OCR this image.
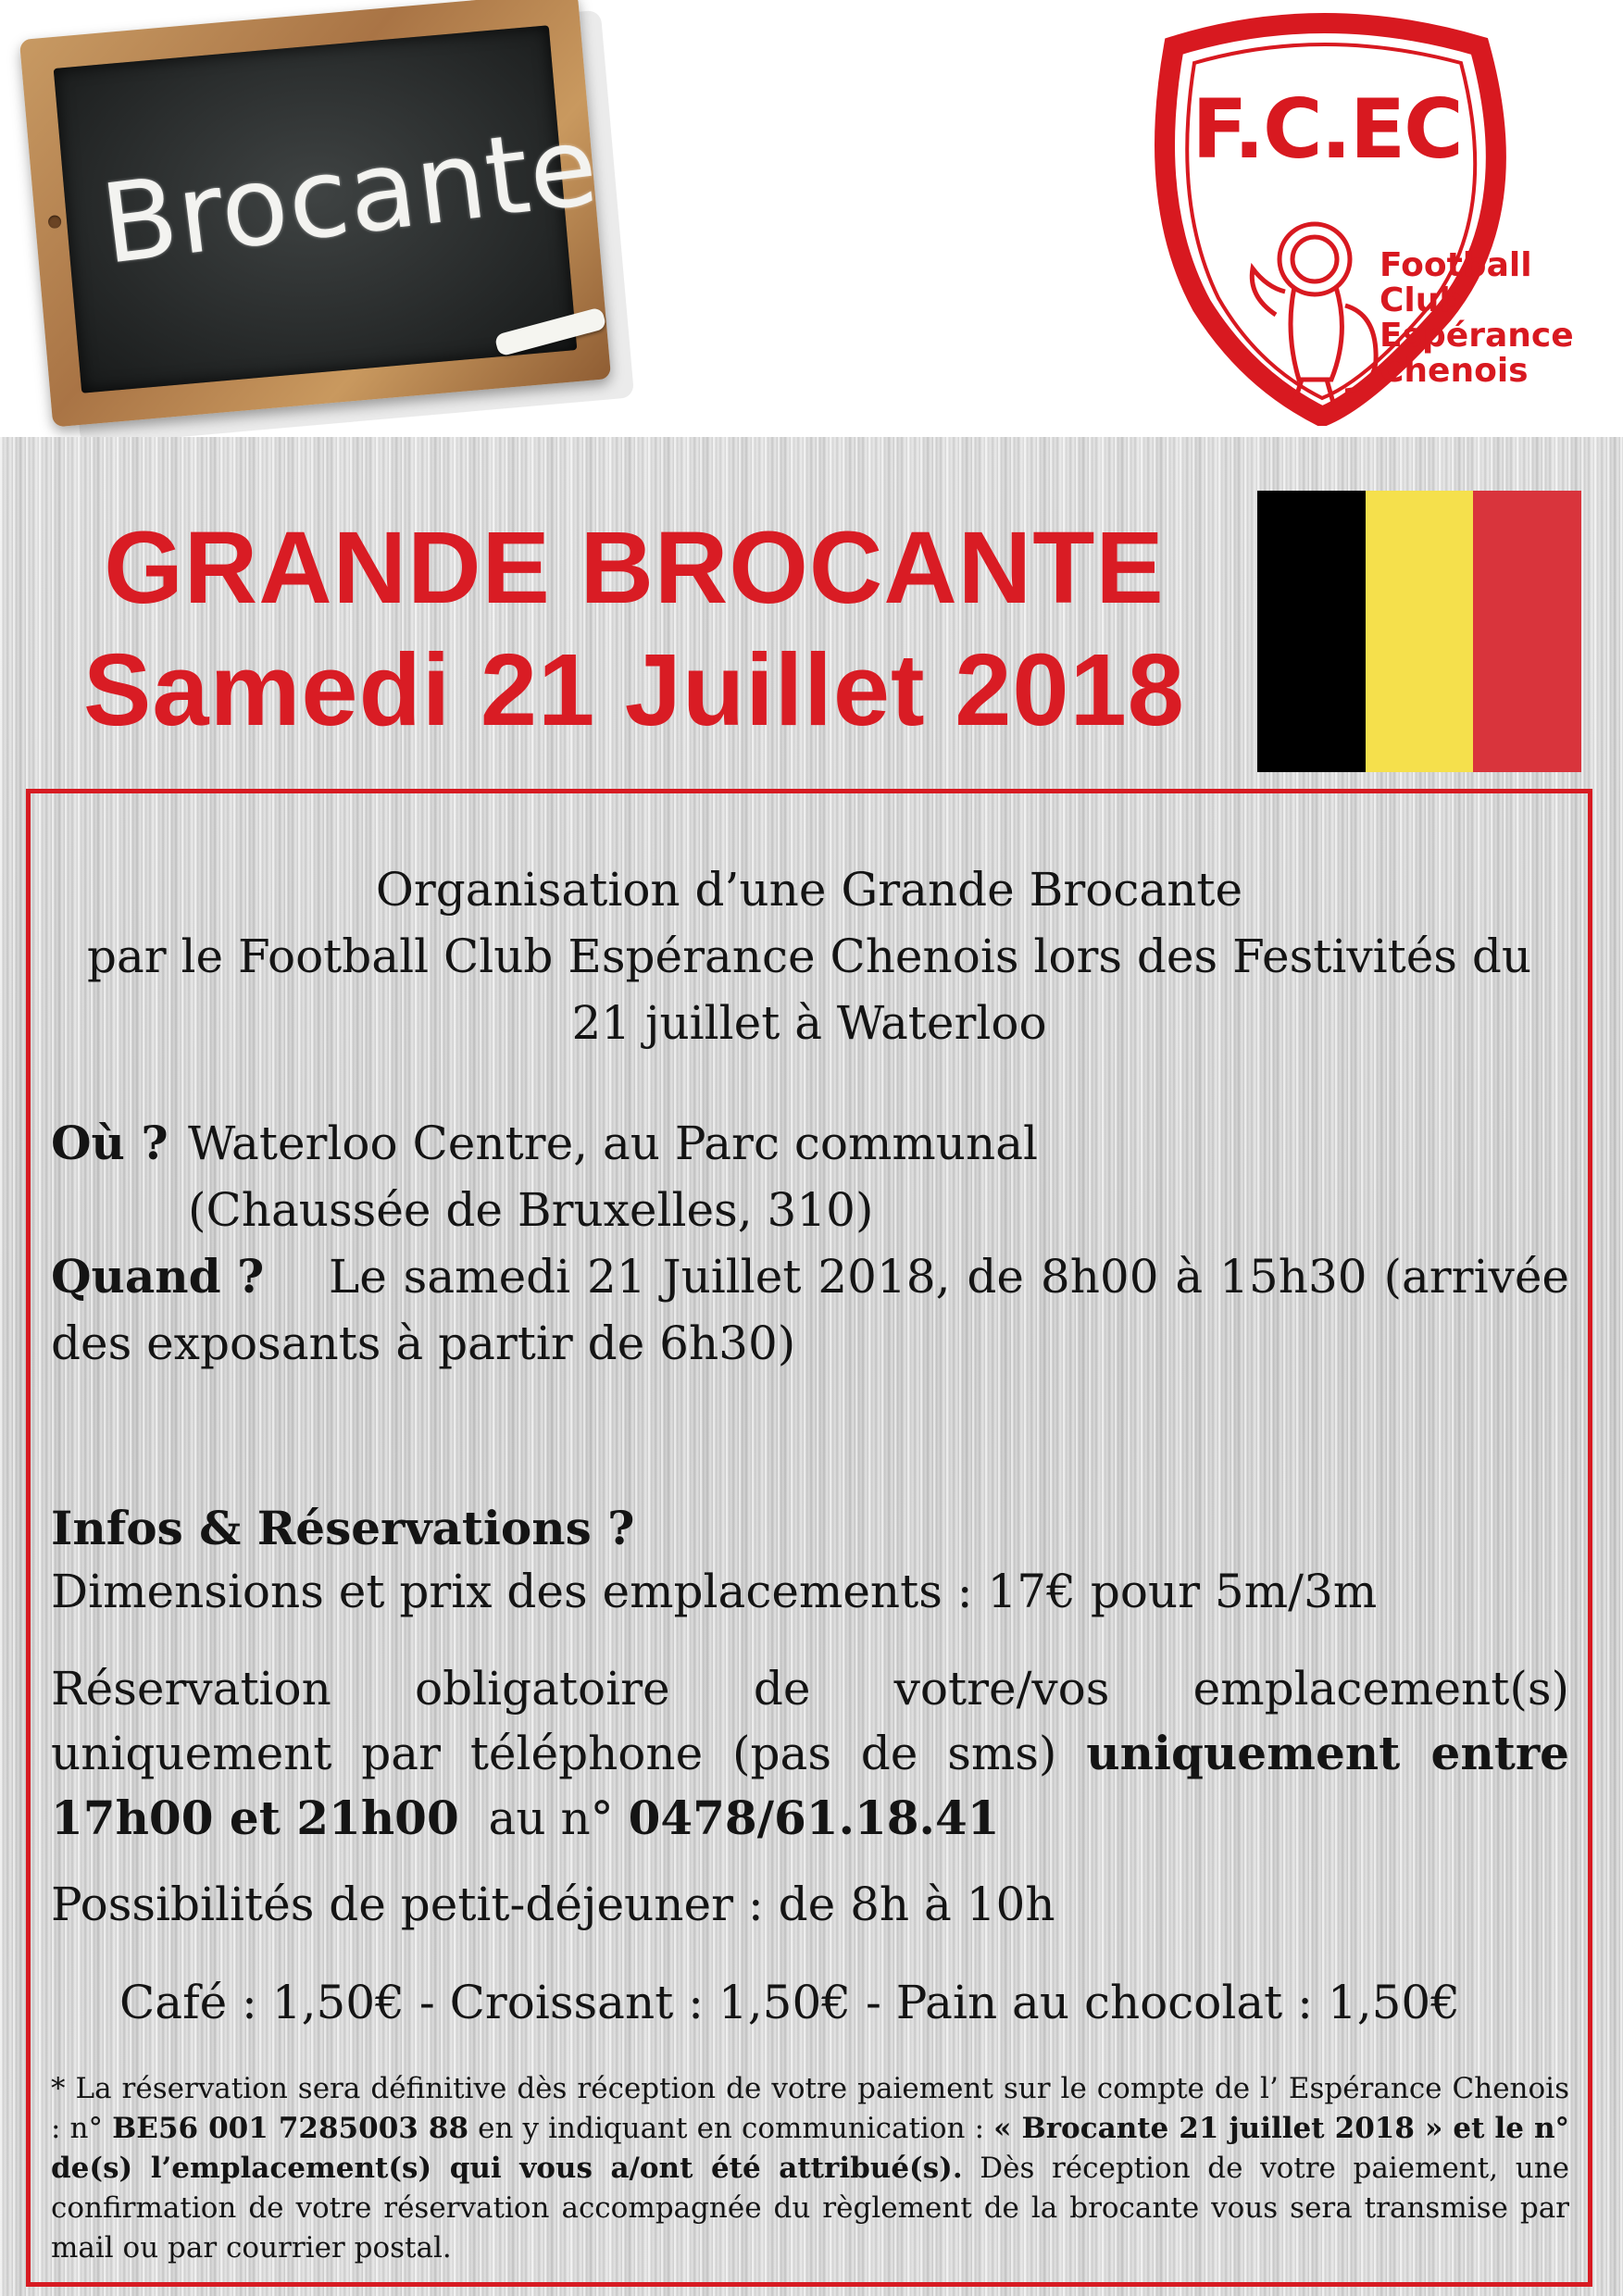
Brocante	F.C.EC
Football
Club
Espérance
Chenois
GRANDE BROCANTE
Samedi 21 Juillet 2018
Organisation d’une Grande Brocante
par le Football Club Espérance Chenois lors des Festivités du
21 juillet à Waterloo
Où ? Waterloo Centre, au Parc communal
(Chaussée de Bruxelles, 310)
Quand ? Le samedi 21 Juillet 2018, de 8h00 à 15h30 (arrivée
des exposants à partir de 6h30)
Infos & Réservations ?
Dimensions et prix des emplacements : 17€ pour 5m/3m
Réservation obligatoire de votre/vos emplacement(s)
uniquement par téléphone (pas de sms) uniquement entre
17h00 et 21h00 au n° 0478/61.18.41
Possibilités de petit-déjeuner : de 8h à 10h
Café : 1,50€ - Croissant : 1,50€ - Pain au chocolat : 1,50€
* La réservation sera définitive dès réception de votre paiement sur le compte de l’ Espérance Chenois : n° BE56 001 7285003 88 en y indiquant en communication : « Brocante 21 juillet 2018 » et le n° de(s) l’emplacement(s) qui vous a/ont été attribué(s). Dès réception de votre paiement, une confirmation de votre réservation accompagnée du règlement de la brocante vous sera transmise par mail ou par courrier postal.
